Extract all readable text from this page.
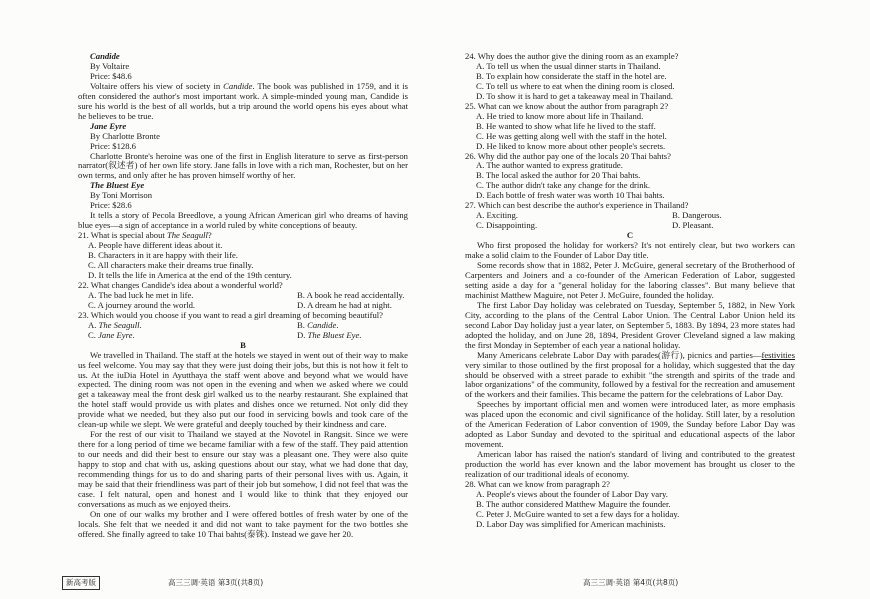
Candide
By Voltaire
Price: $48.6

Voltaire offers his view of society in Candide. The book was published in 1759, and it is often considered the author's most important work. A simple-minded young man, Candide is sure his world is the best of all worlds, but a trip around the world opens his eyes about what he believes to be true.

Jane Eyre
By Charlotte Bronte
Price: $128.6

Charlotte Bronte's heroine was one of the first in English literature to serve as first-person narrator(叙述者) of her own life story. Jane falls in love with a rich man, Rochester, but on her own terms, and only after he has proven himself worthy of her.

The Bluest Eye
By Toni Morrison
Price: $28.6

It tells a story of Pecola Breedlove, a young African American girl who dreams of having blue eyes—a sign of acceptance in a world ruled by white conceptions of beauty.

21. What is special about The Seagull?
A. People have different ideas about it.
B. Characters in it are happy with their life.
C. All characters make their dreams true finally.
D. It tells the life in America at the end of the 19th century.
22. What changes Candide's idea about a wonderful world?
A. The bad luck he met in life.	B. A book he read accidentally.
C. A journey around the world.	D. A dream he had at night.
23. Which would you choose if you want to read a girl dreaming of becoming beautiful?
A. The Seagull.	B. Candide.
C. Jane Eyre.	D. The Bluest Eye.
B

We travelled in Thailand. The staff at the hotels we stayed in went out of their way to make us feel welcome. You may say that they were just doing their jobs, but this is not how it felt to us. At the iuDia Hotel in Ayutthaya the staff went above and beyond what we would have expected. The dining room was not open in the evening and when we asked where we could get a takeaway meal the front desk girl walked us to the nearby restaurant. She explained that the hotel staff would provide us with plates and dishes once we returned. Not only did they provide what we needed, but they also put our food in servicing bowls and took care of the clean-up while we slept. We were grateful and deeply touched by their kindness and care.

For the rest of our visit to Thailand we stayed at the Novotel in Rangsit. Since we were there for a long period of time we became familiar with a few of the staff. They paid attention to our needs and did their best to ensure our stay was a pleasant one. They were also quite happy to stop and chat with us, asking questions about our stay, what we had done that day, recommending things for us to do and sharing parts of their personal lives with us. Again, it may be said that their friendliness was part of their job but somehow, I did not feel that was the case. I felt natural, open and honest and I would like to think that they enjoyed our conversations as much as we enjoyed theirs.

On one of our walks my brother and I were offered bottles of fresh water by one of the locals. She felt that we needed it and did not want to take payment for the two bottles she offered. She finally agreed to take 10 Thai bahts(泰铢). Instead we gave her 20.

24. Why does the author give the dining room as an example?
A. To tell us when the usual dinner starts in Thailand.
B. To explain how considerate the staff in the hotel are.
C. To tell us where to eat when the dining room is closed.
D. To show it is hard to get a takeaway meal in Thailand.
25. What can we know about the author from paragraph 2?
A. He tried to know more about life in Thailand.
B. He wanted to show what life he lived to the staff.
C. He was getting along well with the staff in the hotel.
D. He liked to know more about other people's secrets.
26. Why did the author pay one of the locals 20 Thai bahts?
A. The author wanted to express gratitude.
B. The local asked the author for 20 Thai bahts.
C. The author didn't take any change for the drink.
D. Each bottle of fresh water was worth 10 Thai bahts.
27. Which can best describe the author's experience in Thailand?
A. Exciting.	B. Dangerous.
C. Disappointing.	D. Pleasant.
C

Who first proposed the holiday for workers? It's not entirely clear, but two workers can make a solid claim to the Founder of Labor Day title.

Some records show that in 1882, Peter J. McGuire, general secretary of the Brotherhood of Carpenters and Joiners and a co-founder of the American Federation of Labor, suggested setting aside a day for a "general holiday for the laboring classes". But many believe that machinist Matthew Maguire, not Peter J. McGuire, founded the holiday.

The first Labor Day holiday was celebrated on Tuesday, September 5, 1882, in New York City, according to the plans of the Central Labor Union. The Central Labor Union held its second Labor Day holiday just a year later, on September 5, 1883. By 1894, 23 more states had adopted the holiday, and on June 28, 1894, President Grover Cleveland signed a law making the first Monday in September of each year a national holiday.

Many Americans celebrate Labor Day with parades(游行), picnics and parties—festivities very similar to those outlined by the first proposal for a holiday, which suggested that the day should be observed with a street parade to exhibit "the strength and spirits of the trade and labor organizations" of the community, followed by a festival for the recreation and amusement of the workers and their families. This became the pattern for the celebrations of Labor Day.

Speeches by important official men and women were introduced later, as more emphasis was placed upon the economic and civil significance of the holiday. Still later, by a resolution of the American Federation of Labor convention of 1909, the Sunday before Labor Day was adopted as Labor Sunday and devoted to the spiritual and educational aspects of the labor movement.

American labor has raised the nation's standard of living and contributed to the greatest production the world has ever known and the labor movement has brought us closer to the realization of our traditional ideals of economy.

28. What can we know from paragraph 2?
A. People's views about the founder of Labor Day vary.
B. The author considered Matthew Maguire the founder.
C. Peter J. McGuire wanted to set a few days for a holiday.
D. Labor Day was simplified for American machinists.
新高考版	高三三调·英语 第3页(共8页)	高三三调·英语 第4页(共8页)
